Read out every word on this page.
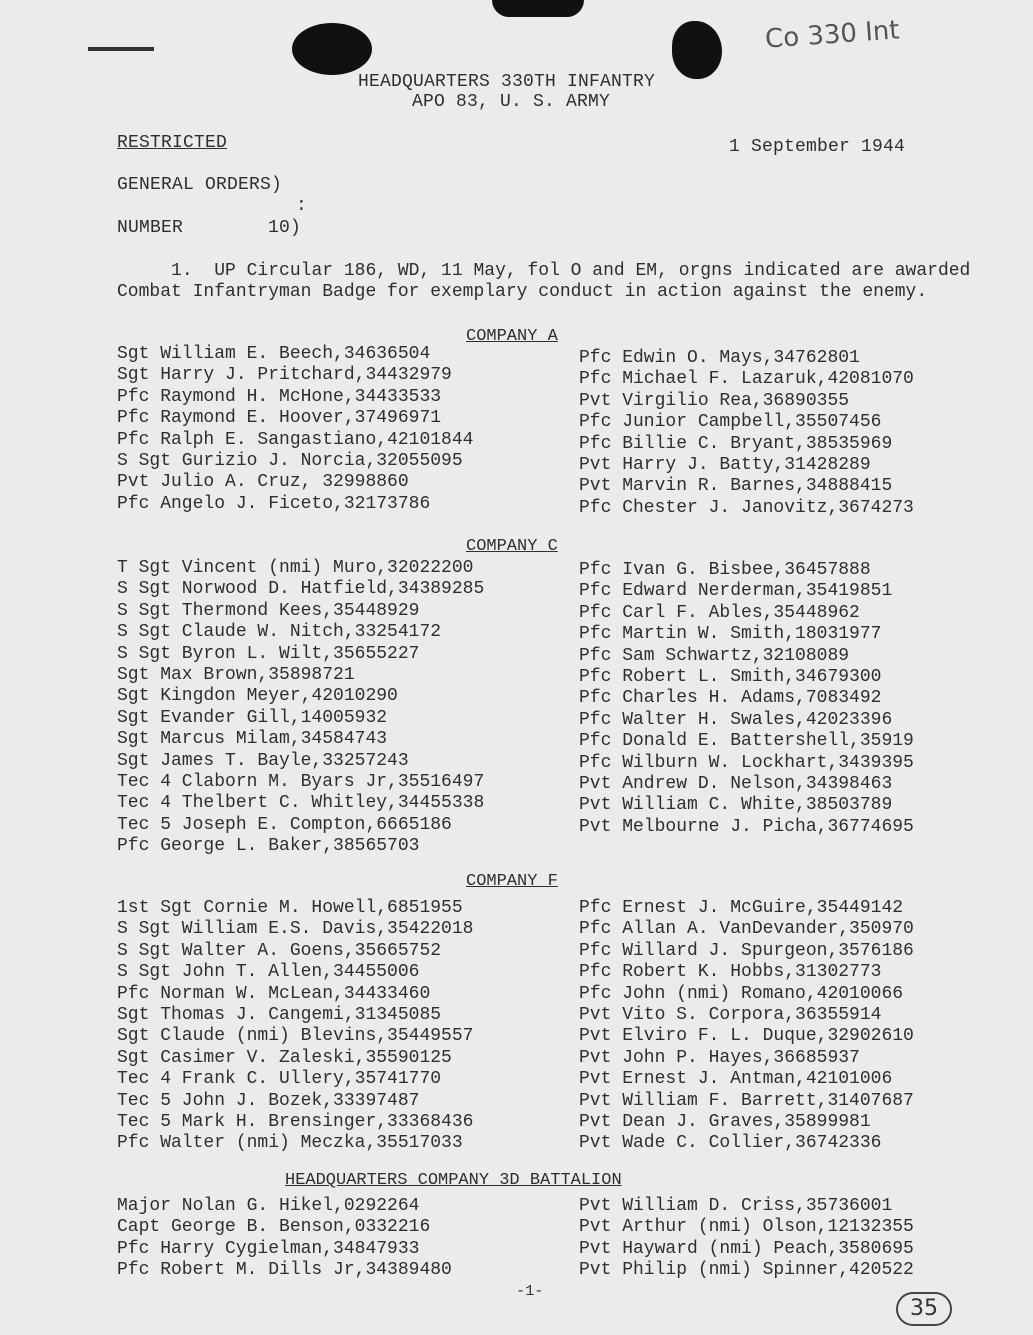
Co 330 Int
HEADQUARTERS 330TH INFANTRY
APO 83, U. S. ARMY
RESTRICTED	1 September 1944
GENERAL ORDERS)
:
NUMBER	10)
1.  UP Circular 186, WD, 11 May, fol O and EM, orgns indicated are awarded Combat Infantryman Badge for exemplary conduct in action against the enemy.
COMPANY A
Sgt William E. Beech,34636504
Sgt Harry J. Pritchard,34432979
Pfc Raymond H. McHone,34433533
Pfc Raymond E. Hoover,37496971
Pfc Ralph E. Sangastiano,42101844
S Sgt Gurizio J. Norcia,32055095
Pvt Julio A. Cruz, 32998860
Pfc Angelo J. Ficeto,32173786
Pfc Edwin O. Mays,34762801
Pfc Michael F. Lazaruk,42081070
Pvt Virgilio Rea,36890355
Pfc Junior Campbell,35507456
Pfc Billie C. Bryant,38535969
Pvt Harry J. Batty,31428289
Pvt Marvin R. Barnes,34888415
Pfc Chester J. Janovitz,3674273
COMPANY C
T Sgt Vincent (nmi) Muro,32022200
S Sgt Norwood D. Hatfield,34389285
S Sgt Thermond Kees,35448929
S Sgt Claude W. Nitch,33254172
S Sgt Byron L. Wilt,35655227
Sgt Max Brown,35898721
Sgt Kingdon Meyer,42010290
Sgt Evander Gill,14005932
Sgt Marcus Milam,34584743
Sgt James T. Bayle,33257243
Tec 4 Claborn M. Byars Jr,35516497
Tec 4 Thelbert C. Whitley,34455338
Tec 5 Joseph E. Compton,6665186
Pfc George L. Baker,38565703
Pfc Ivan G. Bisbee,36457888
Pfc Edward Nerderman,35419851
Pfc Carl F. Ables,35448962
Pfc Martin W. Smith,18031977
Pfc Sam Schwartz,32108089
Pfc Robert L. Smith,34679300
Pfc Charles H. Adams,7083492
Pfc Walter H. Swales,42023396
Pfc Donald E. Battershell,35919
Pfc Wilburn W. Lockhart,3439395
Pvt Andrew D. Nelson,34398463
Pvt William C. White,38503789
Pvt Melbourne J. Picha,36774695
COMPANY F
1st Sgt Cornie M. Howell,6851955
S Sgt William E.S. Davis,35422018
S Sgt Walter A. Goens,35665752
S Sgt John T. Allen,34455006
Pfc Norman W. McLean,34433460
Sgt Thomas J. Cangemi,31345085
Sgt Claude (nmi) Blevins,35449557
Sgt Casimer V. Zaleski,35590125
Tec 4 Frank C. Ullery,35741770
Tec 5 John J. Bozek,33397487
Tec 5 Mark H. Brensinger,33368436
Pfc Walter (nmi) Meczka,35517033
Pfc Ernest J. McGuire,35449142
Pfc Allan A. VanDevander,350970
Pfc Willard J. Spurgeon,3576186
Pfc Robert K. Hobbs,31302773
Pfc John (nmi) Romano,42010066
Pvt Vito S. Corpora,36355914
Pvt Elviro F. L. Duque,32902610
Pvt John P. Hayes,36685937
Pvt Ernest J. Antman,42101006
Pvt William F. Barrett,31407687
Pvt Dean J. Graves,35899981
Pvt Wade C. Collier,36742336
HEADQUARTERS COMPANY 3D BATTALION
Major Nolan G. Hikel,0292264
Capt George B. Benson,0332216
Pfc Harry Cygielman,34847933
Pfc Robert M. Dills Jr,34389480
Pvt William D. Criss,35736001
Pvt Arthur (nmi) Olson,12132355
Pvt Hayward (nmi) Peach,3580695
Pvt Philip (nmi) Spinner,420522
-1-
35
